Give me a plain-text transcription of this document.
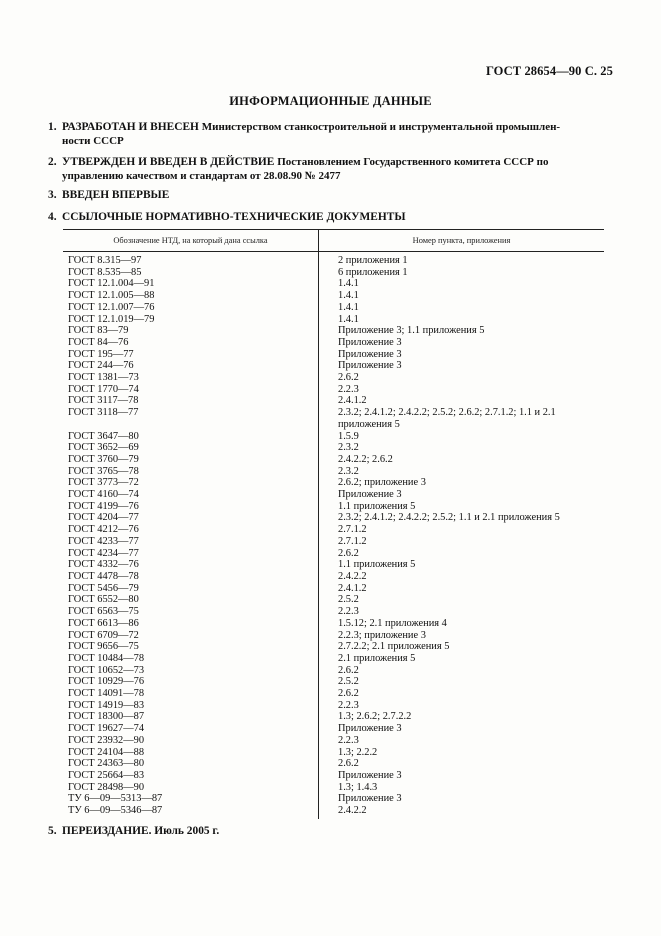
ГОСТ 28654—90 С. 25
ИНФОРМАЦИОННЫЕ ДАННЫЕ
1. РАЗРАБОТАН И ВНЕСЕН Министерством станкостроительной и инструментальной промышлен-
ности СССР
2. УТВЕРЖДЕН И ВВЕДЕН В ДЕЙСТВИЕ Постановлением Государственного комитета СССР по
управлению качеством и стандартам от 28.08.90 № 2477
3. ВВЕДЕН ВПЕРВЫЕ
4. ССЫЛОЧНЫЕ НОРМАТИВНО-ТЕХНИЧЕСКИЕ ДОКУМЕНТЫ
Обозначение НТД, на который дана ссылка	Номер пункта, приложения
ГОСТ 8.315—97	2 приложения 1
ГОСТ 8.535—85	6 приложения 1
ГОСТ 12.1.004—91	1.4.1
ГОСТ 12.1.005—88	1.4.1
ГОСТ 12.1.007—76	1.4.1
ГОСТ 12.1.019—79	1.4.1
ГОСТ 83—79	Приложение 3; 1.1 приложения 5
ГОСТ 84—76	Приложение 3
ГОСТ 195—77	Приложение 3
ГОСТ 244—76	Приложение 3
ГОСТ 1381—73	2.6.2
ГОСТ 1770—74	2.2.3
ГОСТ 3117—78	2.4.1.2
ГОСТ 3118—77	2.3.2; 2.4.1.2; 2.4.2.2; 2.5.2; 2.6.2; 2.7.1.2; 1.1 и 2.1 приложения 5
ГОСТ 3647—80	1.5.9
ГОСТ 3652—69	2.3.2
ГОСТ 3760—79	2.4.2.2; 2.6.2
ГОСТ 3765—78	2.3.2
ГОСТ 3773—72	2.6.2; приложение 3
ГОСТ 4160—74	Приложение 3
ГОСТ 4199—76	1.1 приложения 5
ГОСТ 4204—77	2.3.2; 2.4.1.2; 2.4.2.2; 2.5.2; 1.1 и 2.1 приложения 5
ГОСТ 4212—76	2.7.1.2
ГОСТ 4233—77	2.7.1.2
ГОСТ 4234—77	2.6.2
ГОСТ 4332—76	1.1 приложения 5
ГОСТ 4478—78	2.4.2.2
ГОСТ 5456—79	2.4.1.2
ГОСТ 6552—80	2.5.2
ГОСТ 6563—75	2.2.3
ГОСТ 6613—86	1.5.12; 2.1 приложения 4
ГОСТ 6709—72	2.2.3; приложение 3
ГОСТ 9656—75	2.7.2.2; 2.1 приложения 5
ГОСТ 10484—78	2.1 приложения 5
ГОСТ 10652—73	2.6.2
ГОСТ 10929—76	2.5.2
ГОСТ 14091—78	2.6.2
ГОСТ 14919—83	2.2.3
ГОСТ 18300—87	1.3; 2.6.2; 2.7.2.2
ГОСТ 19627—74	Приложение 3
ГОСТ 23932—90	2.2.3
ГОСТ 24104—88	1.3; 2.2.2
ГОСТ 24363—80	2.6.2
ГОСТ 25664—83	Приложение 3
ГОСТ 28498—90	1.3; 1.4.3
ТУ 6—09—5313—87	Приложение 3
ТУ 6—09—5346—87	2.4.2.2
5. ПЕРЕИЗДАНИЕ. Июль 2005 г.
